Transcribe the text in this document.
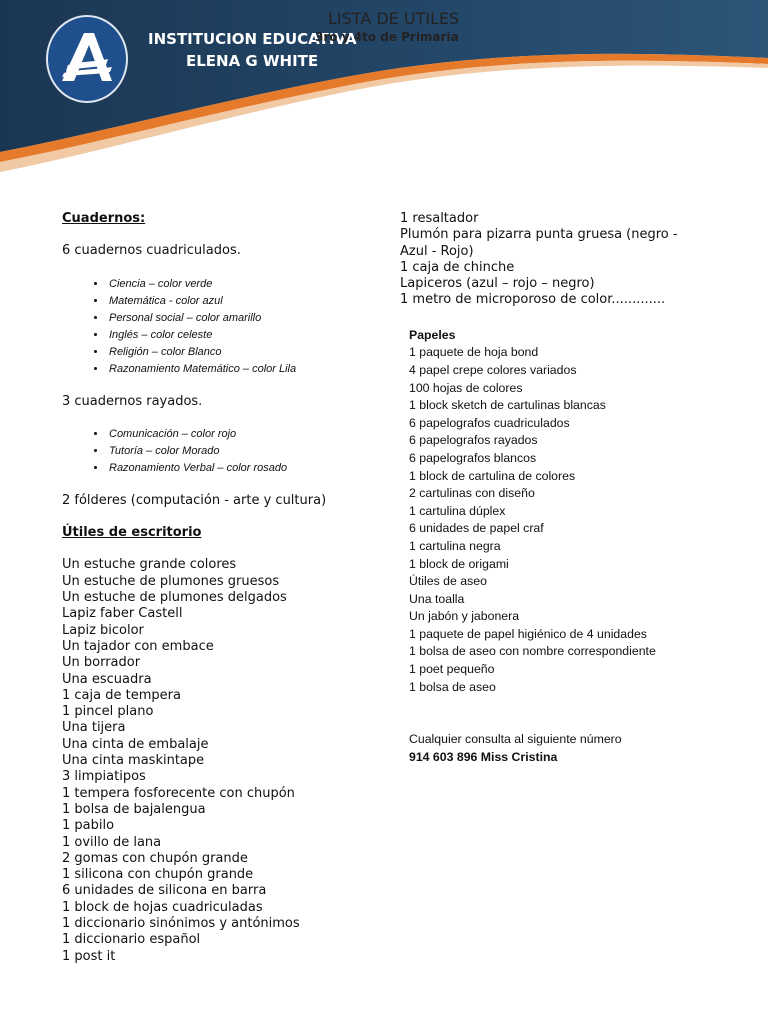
INSTITUCION EDUCATIVA
ELENA G WHITE
LISTA DE UTILES
3ro y 4to de Primaria

Cuadernos:

6 cuadernos cuadriculados.

• Ciencia – color verde
• Matemática - color azul
• Personal social – color amarillo
• Inglés – color celeste
• Religión – color Blanco
• Razonamiento Matemático – color Lila

3 cuadernos rayados.

• Comunicación – color rojo
• Tutoría – color Morado
• Razonamiento Verbal – color rosado

2 fólderes (computación - arte y cultura)

Útiles de escritorio

Un estuche grande colores

Un estuche de plumones gruesos

Un estuche de plumones delgados

Lapiz faber Castell

Lapiz bicolor

Un tajador con embace

Un borrador

Una escuadra

1 caja de tempera

1 pincel plano

Una tijera

Una cinta de embalaje

Una cinta maskintape

3 limpiatipos

1 tempera fosforecente con chupón

1 bolsa de bajalengua

1 pabilo

1 ovillo de lana

2 gomas con chupón grande

1 silicona con chupón grande

6 unidades de silicona en barra

1 block de hojas cuadriculadas

1 diccionario sinónimos y antónimos

1 diccionario español

1 post it

1 resaltador

Plumón para pizarra punta gruesa (negro -

Azul - Rojo)

1 caja de chinche

Lapiceros (azul – rojo – negro)

1 metro de microporoso de color.............

Papeles

1 paquete de hoja bond

4 papel crepe colores variados

100 hojas de colores

1 block sketch de cartulinas blancas

6 papelografos cuadriculados

6 papelografos rayados

6 papelografos blancos

1 block de cartulina de colores

2 cartulinas con diseño

1 cartulina dúplex

6 unidades de papel craf

1 cartulina negra

1 block de origami

Útiles de aseo

Una toalla

Un jabón y jabonera

1 paquete de papel higiénico de 4 unidades

1 bolsa de aseo con nombre correspondiente

1 poet pequeño

1 bolsa de aseo

Cualquier consulta al siguiente número

914 603 896 Miss Cristina
